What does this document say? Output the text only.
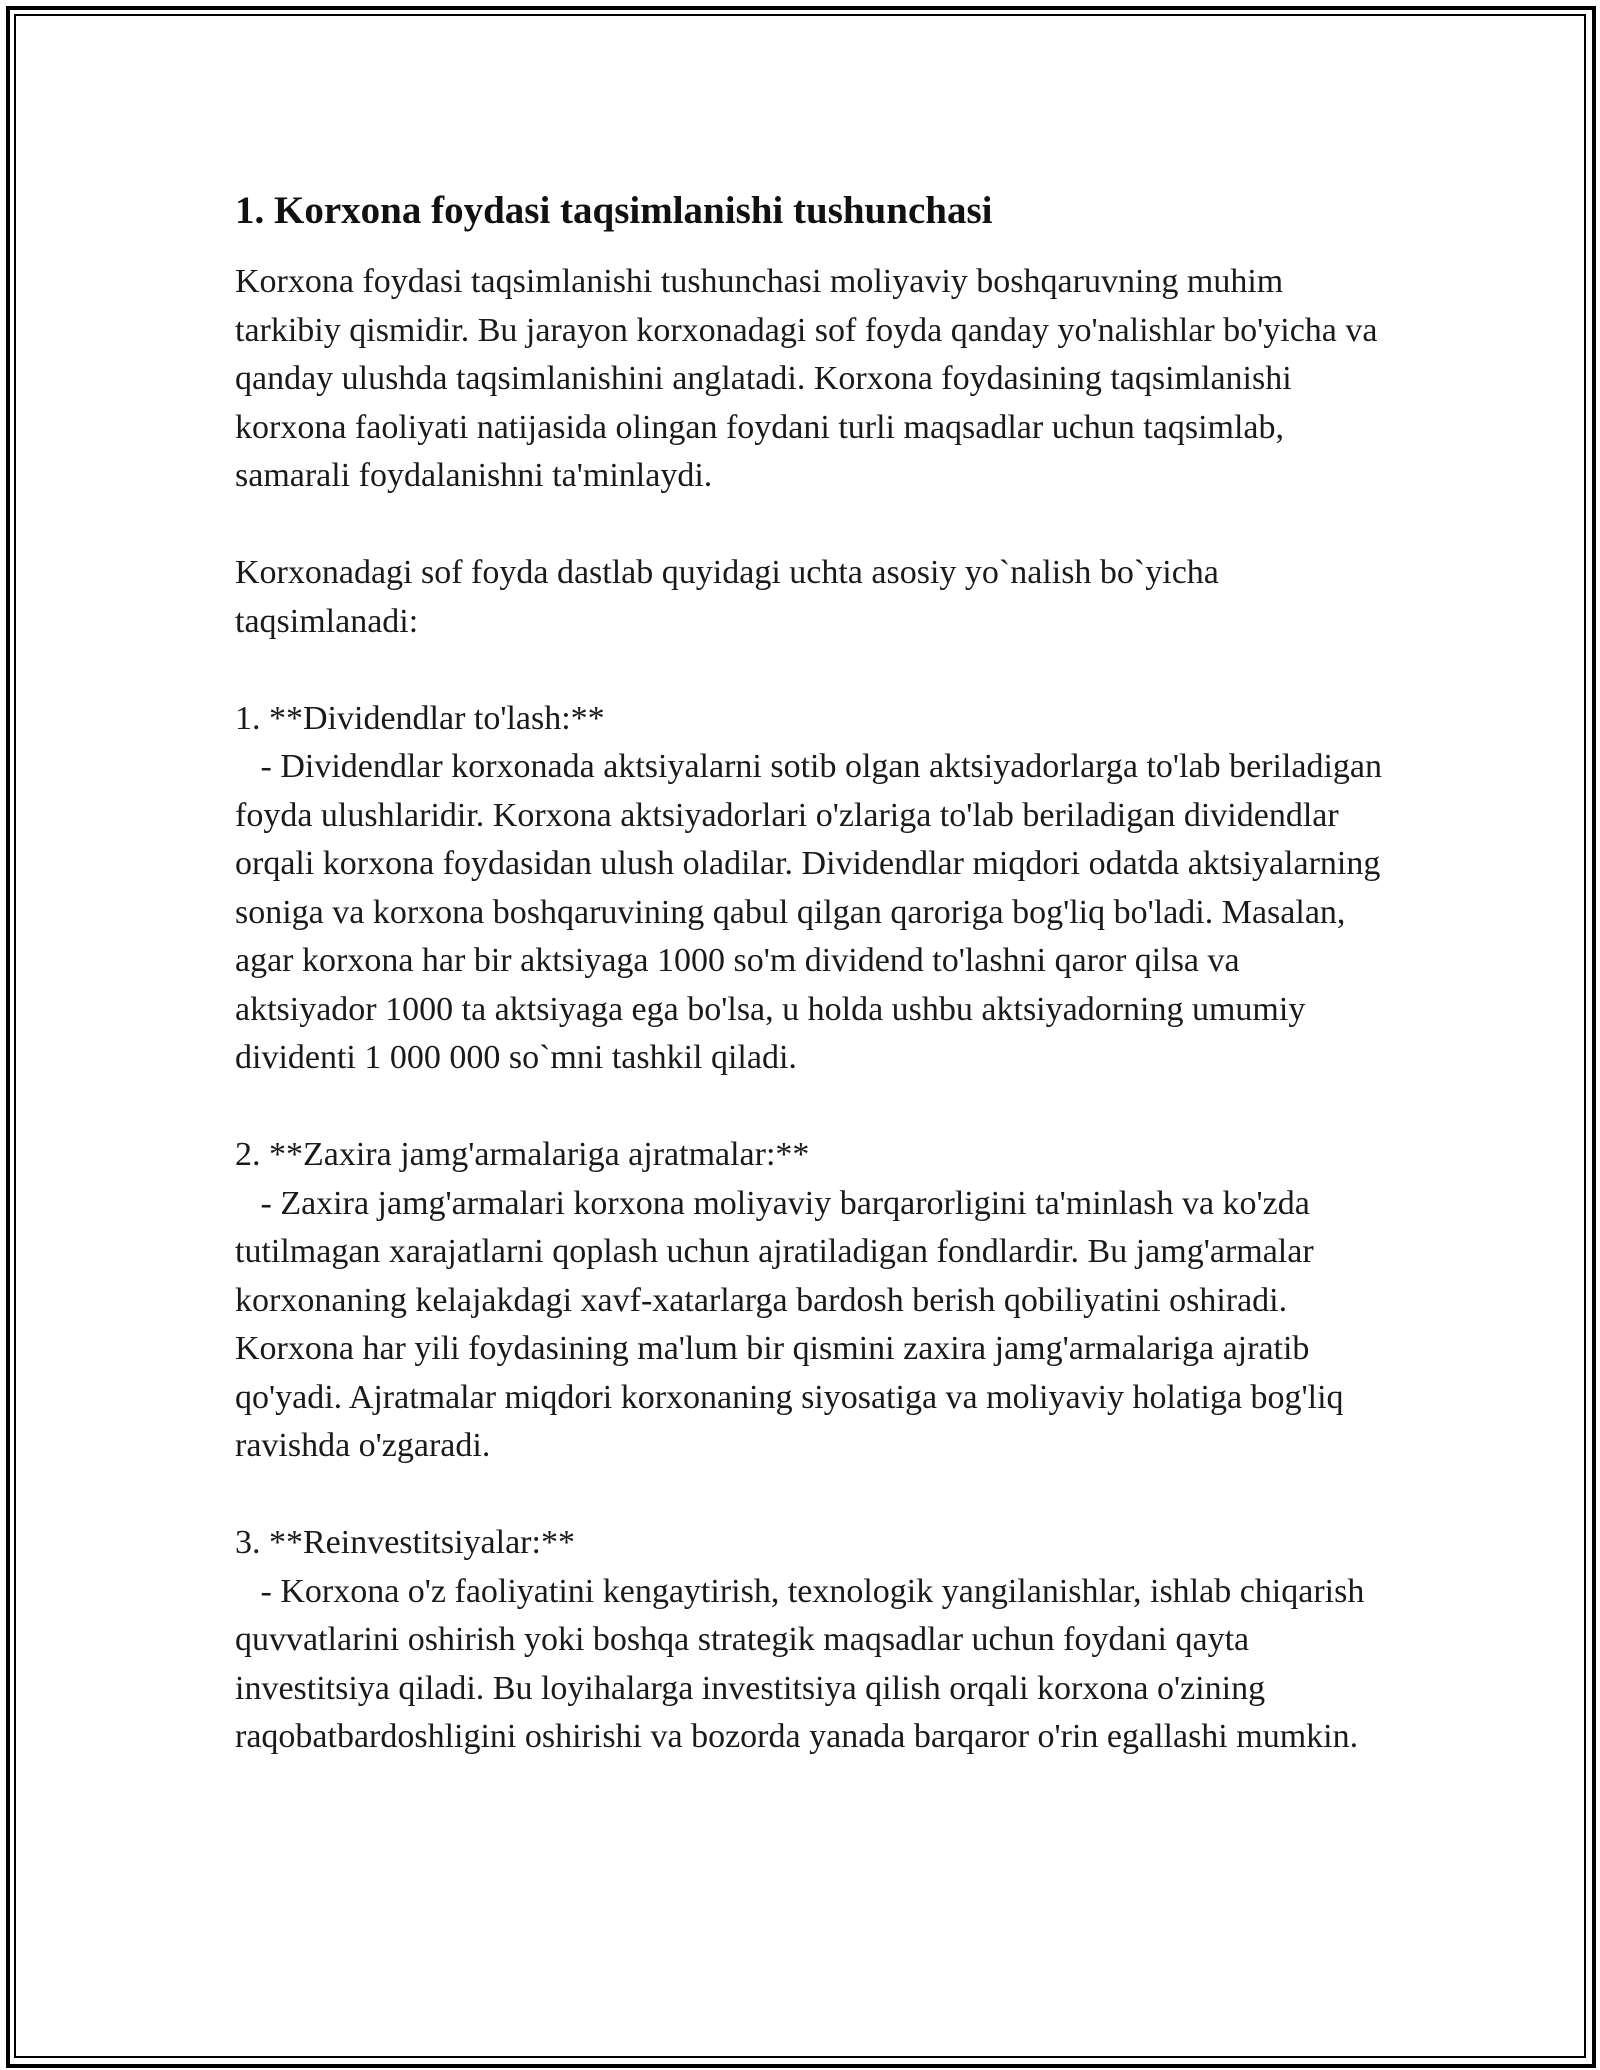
1. Korxona foydasi taqsimlanishi tushunchasi

Korxona foydasi taqsimlanishi tushunchasi moliyaviy boshqaruvning muhim tarkibiy qismidir. Bu jarayon korxonadagi sof foyda qanday yo'nalishlar bo'yicha va qanday ulushda taqsimlanishini anglatadi. Korxona foydasining taqsimlanishi korxona faoliyati natijasida olingan foydani turli maqsadlar uchun taqsimlab, samarali foydalanishni ta'minlaydi.

Korxonadagi sof foyda dastlab quyidagi uchta asosiy yo`nalish bo`yicha taqsimlanadi:

1. **Dividendlar to'lash:**

- Dividendlar korxonada aktsiyalarni sotib olgan aktsiyadorlarga to'lab beriladigan foyda ulushlaridir. Korxona aktsiyadorlari o'zlariga to'lab beriladigan dividendlar orqali korxona foydasidan ulush oladilar. Dividendlar miqdori odatda aktsiyalarning soniga va korxona boshqaruvining qabul qilgan qaroriga bog'liq bo'ladi. Masalan, agar korxona har bir aktsiyaga 1000 so'm dividend to'lashni qaror qilsa va aktsiyador 1000 ta aktsiyaga ega bo'lsa, u holda ushbu aktsiyadorning umumiy dividenti 1 000 000 so`mni tashkil qiladi.

2. **Zaxira jamg'armalariga ajratmalar:**

- Zaxira jamg'armalari korxona moliyaviy barqarorligini ta'minlash va ko'zda tutilmagan xarajatlarni qoplash uchun ajratiladigan fondlardir. Bu jamg'armalar korxonaning kelajakdagi xavf-xatarlarga bardosh berish qobiliyatini oshiradi. Korxona har yili foydasining ma'lum bir qismini zaxira jamg'armalariga ajratib qo'yadi. Ajratmalar miqdori korxonaning siyosatiga va moliyaviy holatiga bog'liq ravishda o'zgaradi.

3. **Reinvestitsiyalar:**

- Korxona o'z faoliyatini kengaytirish, texnologik yangilanishlar, ishlab chiqarish quvvatlarini oshirish yoki boshqa strategik maqsadlar uchun foydani qayta investitsiya qiladi. Bu loyihalarga investitsiya qilish orqali korxona o'zining raqobatbardoshligini oshirishi va bozorda yanada barqaror o'rin egallashi mumkin.
